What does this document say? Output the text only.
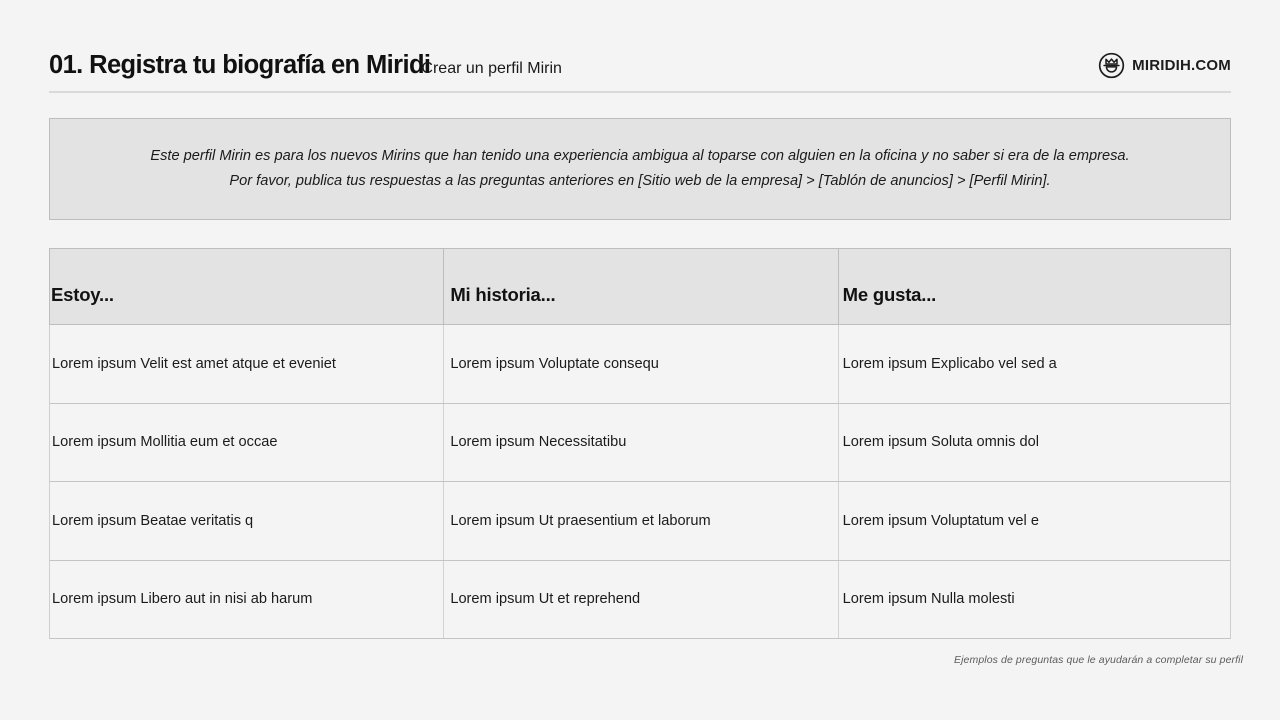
01. Registra tu biografía en Miridi
Crear un perfil Mirin	MIRIDIH.COM
Este perfil Mirin es para los nuevos Mirins que han tenido una experiencia ambigua al toparse con alguien en la oficina y no saber si era de la empresa.
Por favor, publica tus respuestas a las preguntas anteriores en [Sitio web de la empresa] > [Tablón de anuncios] > [Perfil Mirin].
Estoy...	Mi historia...	Me gusta...
Lorem ipsum Velit est amet atque et eveniet	Lorem ipsum Voluptate consequ	Lorem ipsum Explicabo vel sed a
Lorem ipsum Mollitia eum et occae	Lorem ipsum Necessitatibu	Lorem ipsum Soluta omnis dol
Lorem ipsum Beatae veritatis q	Lorem ipsum Ut praesentium et laborum	Lorem ipsum Voluptatum vel e
Lorem ipsum Libero aut in nisi ab harum	Lorem ipsum Ut et reprehend	Lorem ipsum Nulla molesti
Ejemplos de preguntas que le ayudarán a completar su perfil
